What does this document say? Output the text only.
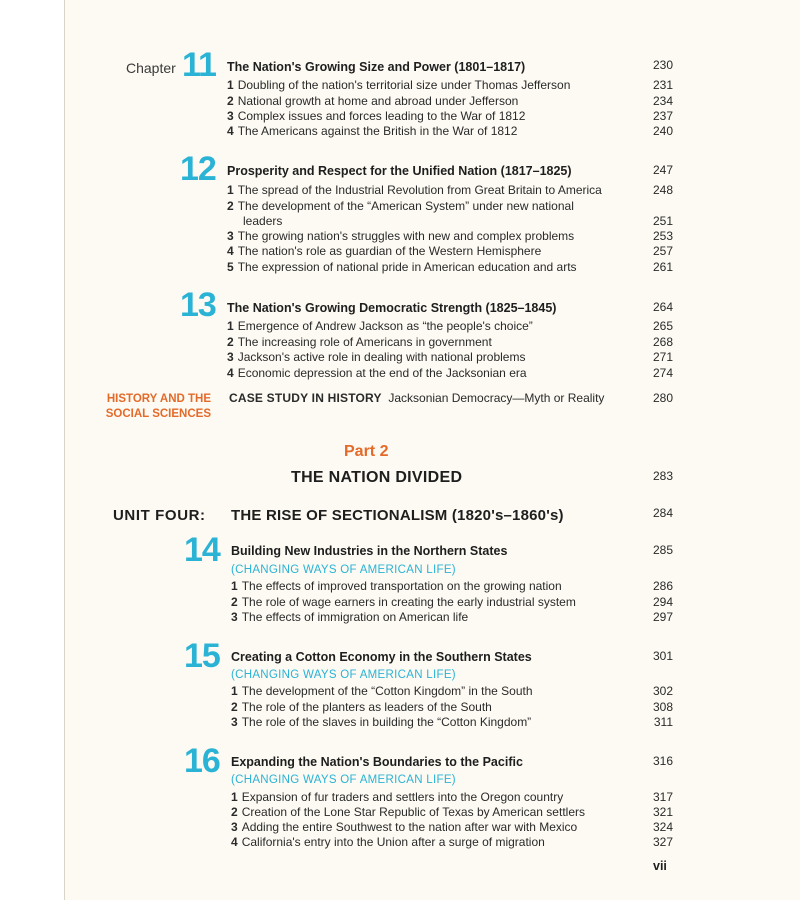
Chapter 11 The Nation's Growing Size and Power (1801–1817)	230
1 Doubling of the nation's territorial size under Thomas Jefferson	231
2 National growth at home and abroad under Jefferson	234
3 Complex issues and forces leading to the War of 1812	237
4 The Americans against the British in the War of 1812	240
12 Prosperity and Respect for the Unified Nation (1817–1825)	247
1 The spread of the Industrial Revolution from Great Britain to America	248
2 The development of the “American System” under new national
leaders	251
3 The growing nation's struggles with new and complex problems	253
4 The nation's role as guardian of the Western Hemisphere	257
5 The expression of national pride in American education and arts	261
13 The Nation's Growing Democratic Strength (1825–1845)	264
1 Emergence of Andrew Jackson as “the people's choice”	265
2 The increasing role of Americans in government	268
3 Jackson's active role in dealing with national problems	271
4 Economic depression at the end of the Jacksonian era	274
HISTORY AND THE
SOCIAL SCIENCES
CASE STUDY IN HISTORY Jacksonian Democracy—Myth or Reality	280
Part 2
THE NATION DIVIDED	283
UNIT FOUR: THE RISE OF SECTIONALISM (1820's–1860's)	284
14 Building New Industries in the Northern States	285
(CHANGING WAYS OF AMERICAN LIFE)
1 The effects of improved transportation on the growing nation	286
2 The role of wage earners in creating the early industrial system	294
3 The effects of immigration on American life	297
15 Creating a Cotton Economy in the Southern States	301
(CHANGING WAYS OF AMERICAN LIFE)
1 The development of the “Cotton Kingdom” in the South	302
2 The role of the planters as leaders of the South	308
3 The role of the slaves in building the “Cotton Kingdom”	311
16 Expanding the Nation's Boundaries to the Pacific	316
(CHANGING WAYS OF AMERICAN LIFE)
1 Expansion of fur traders and settlers into the Oregon country	317
2 Creation of the Lone Star Republic of Texas by American settlers	321
3 Adding the entire Southwest to the nation after war with Mexico	324
4 California's entry into the Union after a surge of migration	327
vii
